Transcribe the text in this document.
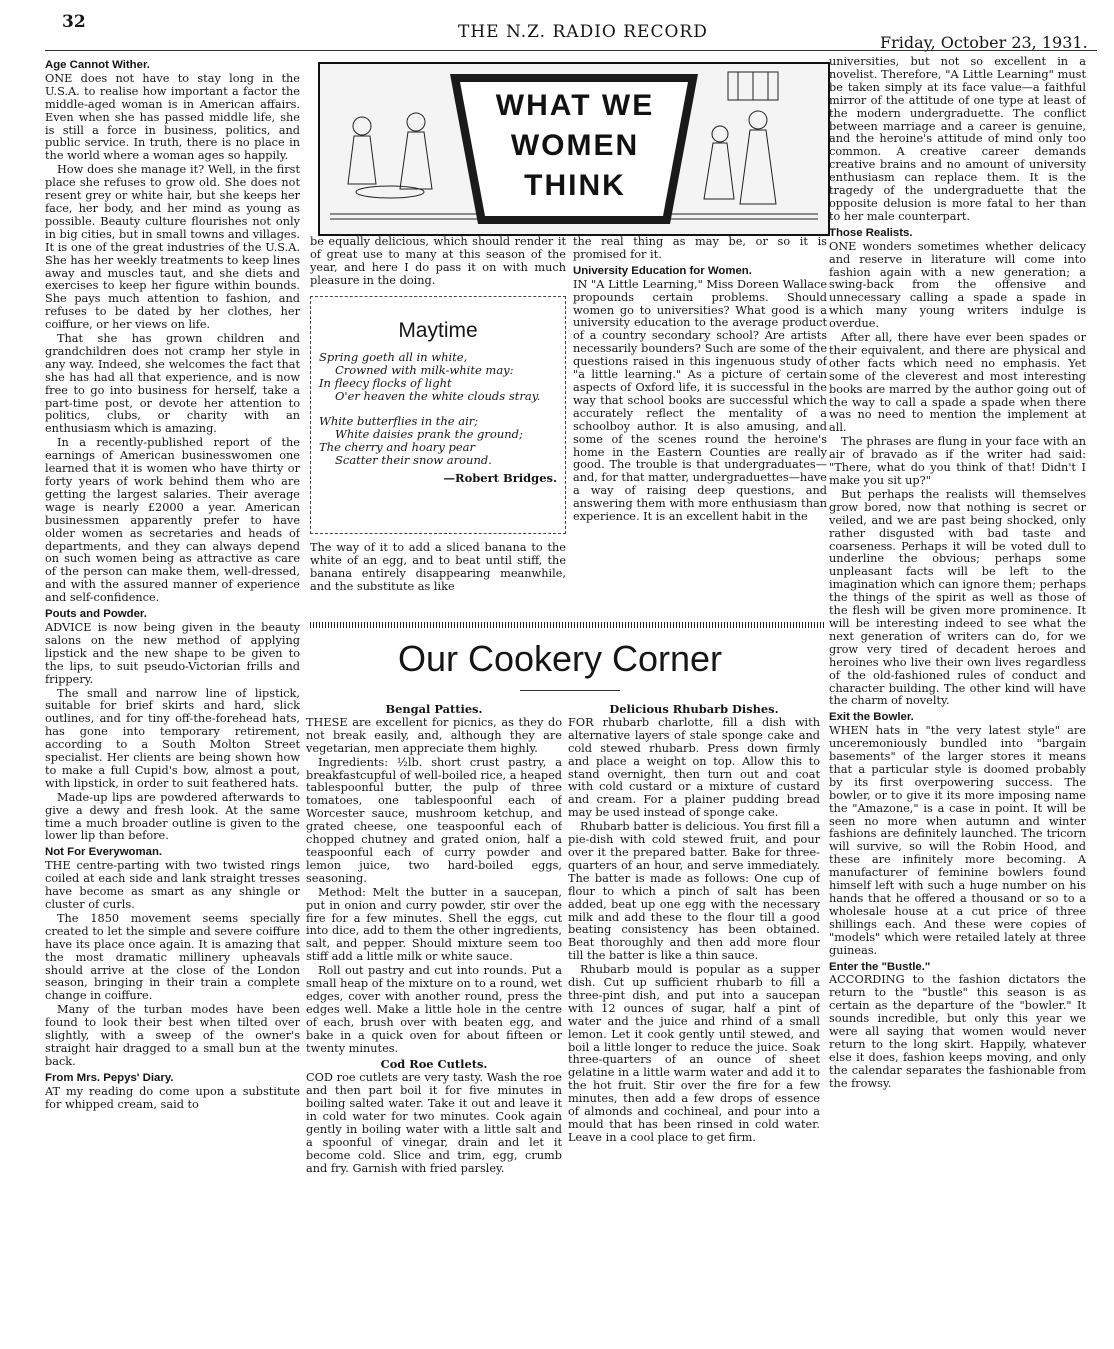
32	THE N.Z. RADIO RECORD
Friday, October 23, 1931.
WHAT WE WOMEN THINK
Age Cannot Wither.

ONE does not have to stay long in the U.S.A. to realise how important a factor the middle-aged woman is in American affairs. Even when she has passed middle life, she is still a force in business, politics, and public service. In truth, there is no place in the world where a woman ages so happily.

How does she manage it? Well, in the first place she refuses to grow old. She does not resent grey or white hair, but she keeps her face, her body, and her mind as young as possible. Beauty culture flourishes not only in big cities, but in small towns and villages. It is one of the great industries of the U.S.A. She has her weekly treatments to keep lines away and muscles taut, and she diets and exercises to keep her figure within bounds. She pays much attention to fashion, and refuses to be dated by her clothes, her coiffure, or her views on life.

That she has grown children and grandchildren does not cramp her style in any way. Indeed, she welcomes the fact that she has had all that experience, and is now free to go into business for herself, take a part-time post, or devote her attention to politics, clubs, or charity with an enthusiasm which is amazing.

In a recently-published report of the earnings of American businesswomen one learned that it is women who have thirty or forty years of work behind them who are getting the largest salaries. Their average wage is nearly £2000 a year. American businessmen apparently prefer to have older women as secretaries and heads of departments, and they can always depend on such women being as attractive as care of the person can make them, well-dressed, and with the assured manner of experience and self-confidence.

Pouts and Powder.

ADVICE is now being given in the beauty salons on the new method of applying lipstick and the new shape to be given to the lips, to suit pseudo-Victorian frills and frippery.

The small and narrow line of lipstick, suitable for brief skirts and hard, slick outlines, and for tiny off-the-forehead hats, has gone into temporary retirement, according to a South Molton Street specialist. Her clients are being shown how to make a full Cupid's bow, almost a pout, with lipstick, in order to suit feathered hats.

Made-up lips are powdered afterwards to give a dewy and fresh look. At the same time a much broader outline is given to the lower lip than before.

Not For Everywoman.

THE centre-parting with two twisted rings coiled at each side and lank straight tresses have become as smart as any shingle or cluster of curls.

The 1850 movement seems specially created to let the simple and severe coiffure have its place once again. It is amazing that the most dramatic millinery upheavals should arrive at the close of the London season, bringing in their train a complete change in coiffure.

Many of the turban modes have been found to look their best when tilted over slightly, with a sweep of the owner's straight hair dragged to a small bun at the back.

From Mrs. Pepys' Diary.

AT my reading do come upon a substitute for whipped cream, said to

be equally delicious, which should render it of great use to many at this season of the year, and here I do pass it on with much pleasure in the doing.

Maytime
Spring goeth all in white,
Crowned with milk-white may:
In fleecy flocks of light
O'er heaven the white clouds stray.
White butterflies in the air;
White daisies prank the ground;
The cherry and hoary pear
Scatter their snow around.
—Robert Bridges.

The way of it to add a sliced banana to the white of an egg, and to beat until stiff, the banana entirely disappearing meanwhile, and the substitute as like

the real thing as may be, or so it is promised for it.

University Education for Women.

IN "A Little Learning," Miss Doreen Wallace propounds certain problems. Should women go to universities? What good is a university education to the average product of a country secondary school? Are artists necessarily bounders? Such are some of the questions raised in this ingenuous study of "a little learning." As a picture of certain aspects of Oxford life, it is successful in the way that school books are successful which accurately reflect the mentality of a schoolboy author. It is also amusing, and some of the scenes round the heroine's home in the Eastern Counties are really good. The trouble is that undergraduates—and, for that matter, undergraduettes—have a way of raising deep questions, and answering them with more enthusiasm than experience. It is an excellent habit in the

Our Cookery Corner
Bengal Patties.

THESE are excellent for picnics, as they do not break easily, and, although they are vegetarian, men appreciate them highly.

Ingredients: ½lb. short crust pastry, a breakfastcupful of well-boiled rice, a heaped tablespoonful butter, the pulp of three tomatoes, one tablespoonful each of Worcester sauce, mushroom ketchup, and grated cheese, one teaspoonful each of chopped chutney and grated onion, half a teaspoonful each of curry powder and lemon juice, two hard-boiled eggs, seasoning.

Method: Melt the butter in a saucepan, put in onion and curry powder, stir over the fire for a few minutes. Shell the eggs, cut into dice, add to them the other ingredients, salt, and pepper. Should mixture seem too stiff add a little milk or white sauce.

Roll out pastry and cut into rounds. Put a small heap of the mixture on to a round, wet edges, cover with another round, press the edges well. Make a little hole in the centre of each, brush over with beaten egg, and bake in a quick oven for about fifteen or twenty minutes.

Cod Roe Cutlets.

COD roe cutlets are very tasty. Wash the roe and then part boil it for five minutes in boiling salted water. Take it out and leave it in cold water for two minutes. Cook again gently in boiling water with a little salt and a spoonful of vinegar, drain and let it become cold. Slice and trim, egg, crumb and fry. Garnish with fried parsley.

Delicious Rhubarb Dishes.

FOR rhubarb charlotte, fill a dish with alternative layers of stale sponge cake and cold stewed rhubarb. Press down firmly and place a weight on top. Allow this to stand overnight, then turn out and coat with cold custard or a mixture of custard and cream. For a plainer pudding bread may be used instead of sponge cake.

Rhubarb batter is delicious. You first fill a pie-dish with cold stewed fruit, and pour over it the prepared batter. Bake for three-quarters of an hour, and serve immediately. The batter is made as follows: One cup of flour to which a pinch of salt has been added, beat up one egg with the necessary milk and add these to the flour till a good beating consistency has been obtained. Beat thoroughly and then add more flour till the batter is like a thin sauce.

Rhubarb mould is popular as a supper dish. Cut up sufficient rhubarb to fill a three-pint dish, and put into a saucepan with 12 ounces of sugar, half a pint of water and the juice and rhind of a small lemon. Let it cook gently until stewed, and boil a little longer to reduce the juice. Soak three-quarters of an ounce of sheet gelatine in a little warm water and add it to the hot fruit. Stir over the fire for a few minutes, then add a few drops of essence of almonds and cochineal, and pour into a mould that has been rinsed in cold water. Leave in a cool place to get firm.

universities, but not so excellent in a novelist. Therefore, "A Little Learning" must be taken simply at its face value—a faithful mirror of the attitude of one type at least of the modern undergraduette. The conflict between marriage and a career is genuine, and the heroine's attitude of mind only too common. A creative career demands creative brains and no amount of university enthusiasm can replace them. It is the tragedy of the undergraduette that the opposite delusion is more fatal to her than to her male counterpart.

Those Realists.

ONE wonders sometimes whether delicacy and reserve in literature will come into fashion again with a new generation; a swing-back from the offensive and unnecessary calling a spade a spade in which many young writers indulge is overdue.

After all, there have ever been spades or their equivalent, and there are physical and other facts which need no emphasis. Yet some of the cleverest and most interesting books are marred by the author going out of the way to call a spade a spade when there was no need to mention the implement at all.

The phrases are flung in your face with an air of bravado as if the writer had said: "There, what do you think of that! Didn't I make you sit up?"

But perhaps the realists will themselves grow bored, now that nothing is secret or veiled, and we are past being shocked, only rather disgusted with bad taste and coarseness. Perhaps it will be voted dull to underline the obvious; perhaps some unpleasant facts will be left to the imagination which can ignore them; perhaps the things of the spirit as well as those of the flesh will be given more prominence. It will be interesting indeed to see what the next generation of writers can do, for we grow very tired of decadent heroes and heroines who live their own lives regardless of the old-fashioned rules of conduct and character building. The other kind will have the charm of novelty.

Exit the Bowler.

WHEN hats in "the very latest style" are unceremoniously bundled into "bargain basements" of the larger stores it means that a particular style is doomed probably by its first overpowering success. The bowler, or to give it its more imposing name the "Amazone," is a case in point. It will be seen no more when autumn and winter fashions are definitely launched. The tricorn will survive, so will the Robin Hood, and these are infinitely more becoming. A manufacturer of feminine bowlers found himself left with such a huge number on his hands that he offered a thousand or so to a wholesale house at a cut price of three shillings each. And these were copies of "models" which were retailed lately at three guineas.

Enter the "Bustle."

ACCORDING to the fashion dictators the return to the "bustle" this season is as certain as the departure of the "bowler." It sounds incredible, but only this year we were all saying that women would never return to the long skirt. Happily, whatever else it does, fashion keeps moving, and only the calendar separates the fashionable from the frowsy.
